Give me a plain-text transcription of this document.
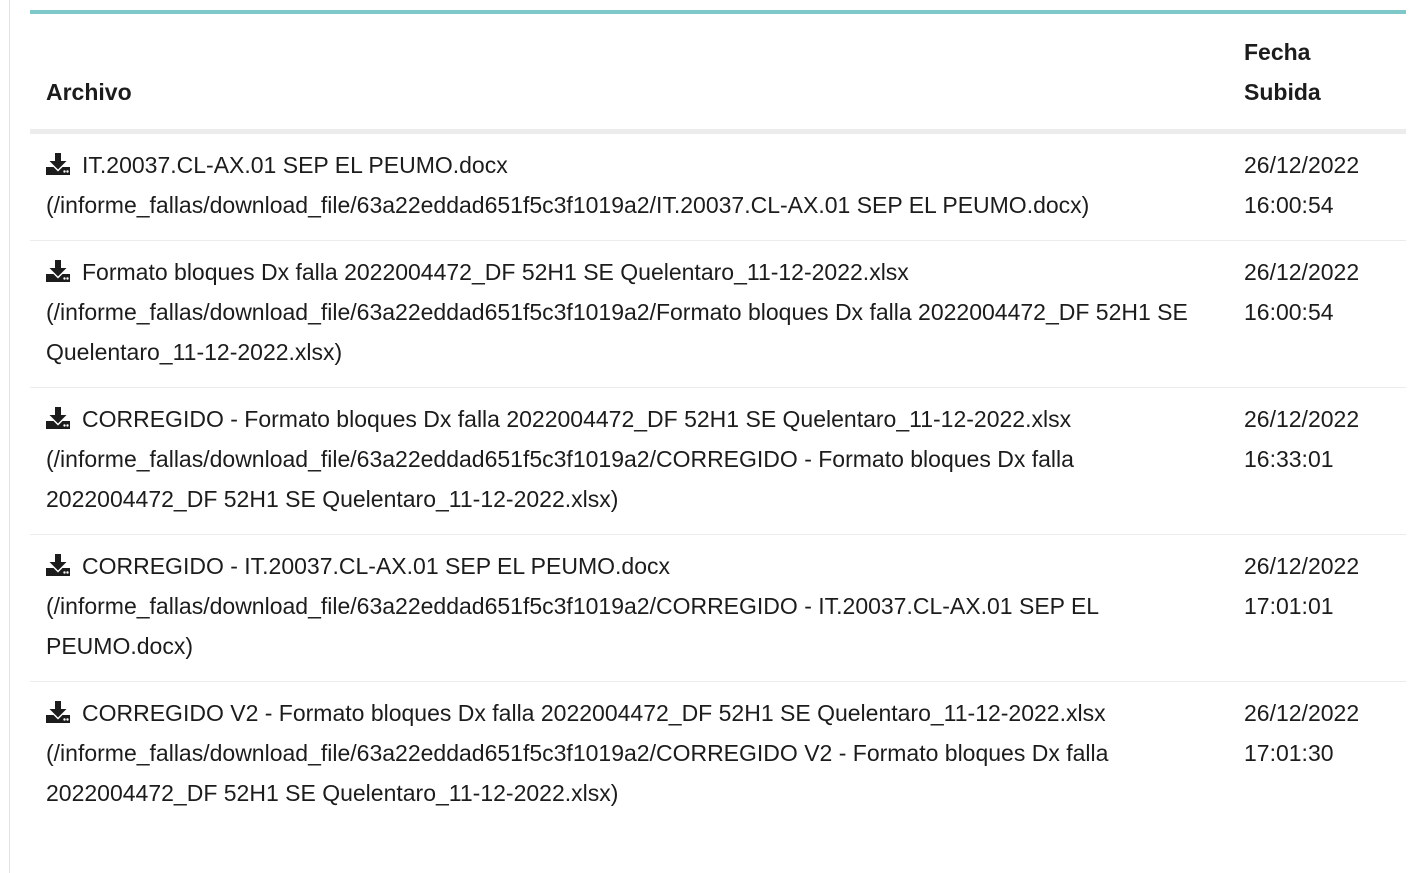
Archivo	Fecha
Subida

IT.20037.CL-AX.01 SEP EL PEUMO.docx (/informe_fallas/download_file/63a22eddad651f5c3f1019a2/IT.20037.CL-AX.01 SEP EL PEUMO.docx)	26/12/2022
16:00:54

Formato bloques Dx falla 2022004472_DF 52H1 SE Quelentaro_11-12-2022.xlsx (/informe_fallas/download_file/63a22eddad651f5c3f1019a2/Formato bloques Dx falla 2022004472_DF 52H1 SE Quelentaro_11-12-2022.xlsx)	26/12/2022
16:00:54

CORREGIDO - Formato bloques Dx falla 2022004472_DF 52H1 SE Quelentaro_11-12-2022.xlsx (/informe_fallas/download_file/63a22eddad651f5c3f1019a2/CORREGIDO - Formato bloques Dx falla 2022004472_DF 52H1 SE Quelentaro_11-12-2022.xlsx)	26/12/2022
16:33:01

CORREGIDO - IT.20037.CL-AX.01 SEP EL PEUMO.docx (/informe_fallas/download_file/63a22eddad651f5c3f1019a2/CORREGIDO - IT.20037.CL-AX.01 SEP EL PEUMO.docx)	26/12/2022
17:01:01

CORREGIDO V2 - Formato bloques Dx falla 2022004472_DF 52H1 SE Quelentaro_11-12-2022.xlsx (/informe_fallas/download_file/63a22eddad651f5c3f1019a2/CORREGIDO V2 - Formato bloques Dx falla 2022004472_DF 52H1 SE Quelentaro_11-12-2022.xlsx)	26/12/2022
17:01:30
